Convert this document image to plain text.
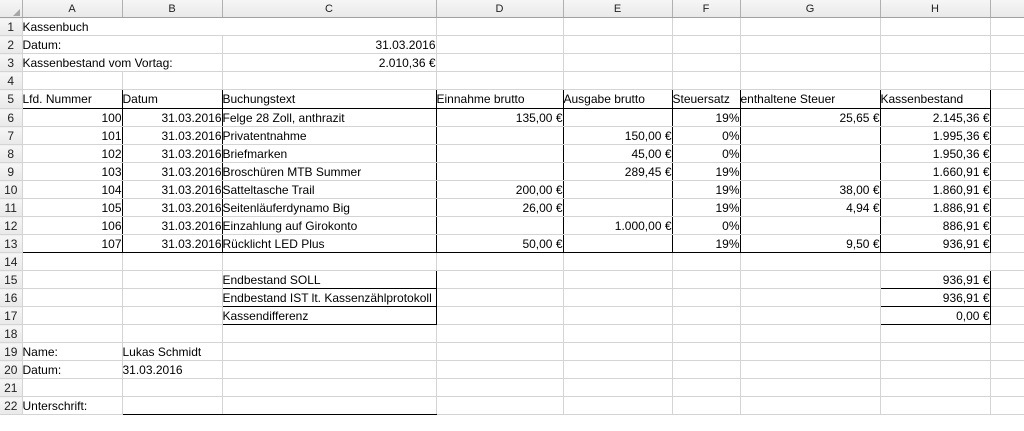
	A	B	C	D	E	F	G	H	
1	Kassenbuch								
2	Datum:		31.03.2016						
3	Kassenbestand vom Vortag:		2.010,36 €						
4									
5	Lfd. Nummer	Datum	Buchungstext	Einnahme brutto	Ausgabe brutto	Steuersatz	enthaltene Steuer	Kassenbestand	
6	100	31.03.2016	Felge 28 Zoll, anthrazit	135,00 €		19%	25,65 €	2.145,36 €	
7	101	31.03.2016	Privatentnahme		150,00 €	0%		1.995,36 €	
8	102	31.03.2016	Briefmarken		45,00 €	0%		1.950,36 €	
9	103	31.03.2016	Broschüren MTB Summer		289,45 €	19%		1.660,91 €	
10	104	31.03.2016	Satteltasche Trail	200,00 €		19%	38,00 €	1.860,91 €	
11	105	31.03.2016	Seitenläuferdynamo Big	26,00 €		19%	4,94 €	1.886,91 €	
12	106	31.03.2016	Einzahlung auf Girokonto		1.000,00 €	0%		886,91 €	
13	107	31.03.2016	Rücklicht LED Plus	50,00 €		19%	9,50 €	936,91 €	
14									
15			Endbestand SOLL					936,91 €	
16			Endbestand IST lt. Kassenzählprotokoll					936,91 €	
17			Kassendifferenz					0,00 €	
18									
19	Name:	Lukas Schmidt							
20	Datum:	31.03.2016							
21									
22	Unterschrift:								
